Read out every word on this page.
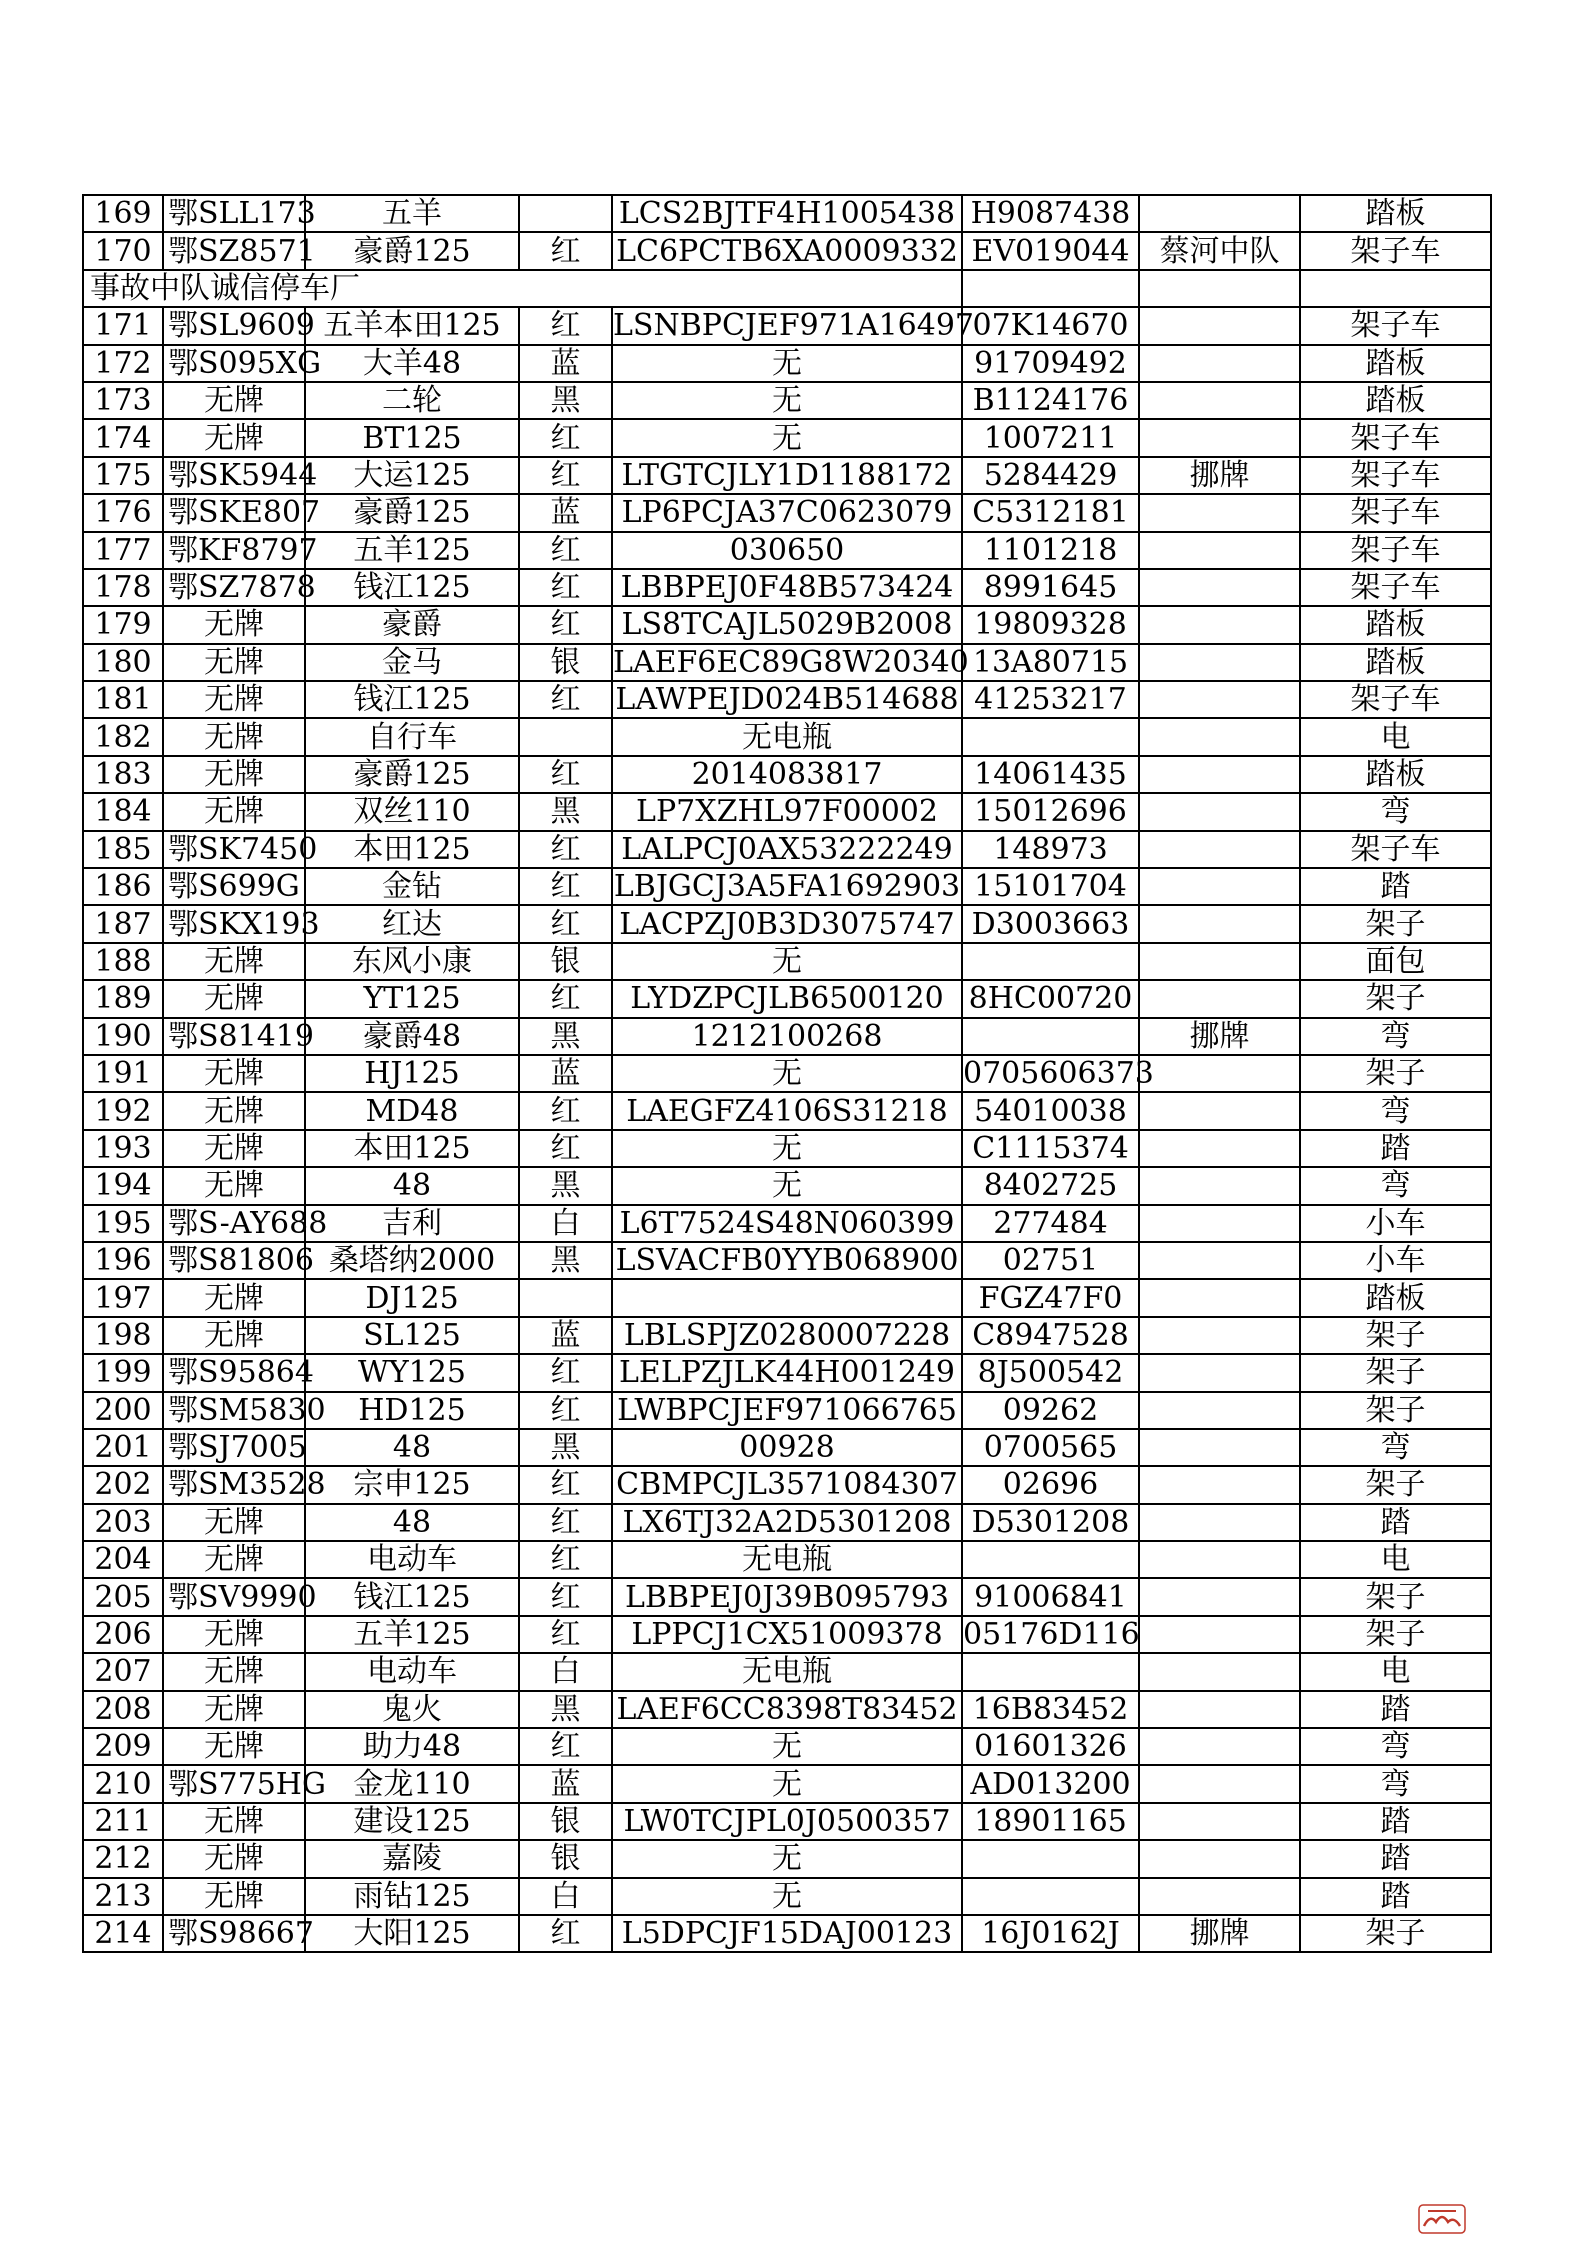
169	鄂SLL173	五羊		LCS2BJTF4H1005438	H9087438		踏板
170	鄂SZ8571	豪爵125	红	LC6PCTB6XA0009332	EV019044	蔡河中队	架子车
事故中队诚信停车厂							
171	鄂SL9609	五羊本田125	红	LSNBPCJEF971A16497	07K14670		架子车
172	鄂S095XG	大羊48	蓝	无	91709492		踏板
173	无牌	二轮	黑	无	B1124176		踏板
174	无牌	BT125	红	无	1007211		架子车
175	鄂SK5944	大运125	红	LTGTCJLY1D1188172	5284429	挪牌	架子车
176	鄂SKE807	豪爵125	蓝	LP6PCJA37C0623079	C5312181		架子车
177	鄂KF8797	五羊125	红	030650	1101218		架子车
178	鄂SZ7878	钱江125	红	LBBPEJ0F48B573424	8991645		架子车
179	无牌	豪爵	红	LS8TCAJL5029B2008	19809328		踏板
180	无牌	金马	银	LAEF6EC89G8W20340	13A80715		踏板
181	无牌	钱江125	红	LAWPEJD024B514688	41253217		架子车
182	无牌	自行车		无电瓶			电
183	无牌	豪爵125	红	2014083817	14061435		踏板
184	无牌	双丝110	黑	LP7XZHL97F00002	15012696		弯
185	鄂SK7450	本田125	红	LALPCJ0AX53222249	148973		架子车
186	鄂S699G	金钻	红	LBJGCJ3A5FA1692903	15101704		踏
187	鄂SKX193	红达	红	LACPZJ0B3D3075747	D3003663		架子
188	无牌	东风小康	银	无			面包
189	无牌	YT125	红	LYDZPCJLB6500120	8HC00720		架子
190	鄂S81419	豪爵48	黑	1212100268		挪牌	弯
191	无牌	HJ125	蓝	无	0705606373		架子
192	无牌	MD48	红	LAEGFZ4106S31218	54010038		弯
193	无牌	本田125	红	无	C1115374		踏
194	无牌	48	黑	无	8402725		弯
195	鄂S-AY688	吉利	白	L6T7524S48N060399	277484		小车
196	鄂S81806	桑塔纳2000	黑	LSVACFB0YYB068900	02751		小车
197	无牌	DJ125			FGZ47F0		踏板
198	无牌	SL125	蓝	LBLSPJZ0280007228	C8947528		架子
199	鄂S95864	WY125	红	LELPZJLK44H001249	8J500542		架子
200	鄂SM5830	HD125	红	LWBPCJEF971066765	09262		架子
201	鄂SJ7005	48	黑	00928	0700565		弯
202	鄂SM3528	宗申125	红	CBMPCJL3571084307	02696		架子
203	无牌	48	红	LX6TJ32A2D5301208	D5301208		踏
204	无牌	电动车	红	无电瓶			电
205	鄂SV9990	钱江125	红	LBBPEJ0J39B095793	91006841		架子
206	无牌	五羊125	红	LPPCJ1CX51009378	05176D116		架子
207	无牌	电动车	白	无电瓶			电
208	无牌	鬼火	黑	LAEF6CC8398T83452	16B83452		踏
209	无牌	助力48	红	无	01601326		弯
210	鄂S775HG	金龙110	蓝	无	AD013200		弯
211	无牌	建设125	银	LW0TCJPL0J0500357	18901165		踏
212	无牌	嘉陵	银	无			踏
213	无牌	雨钻125	白	无			踏
214	鄂S98667	大阳125	红	L5DPCJF15DAJ00123	16J0162J	挪牌	架子
